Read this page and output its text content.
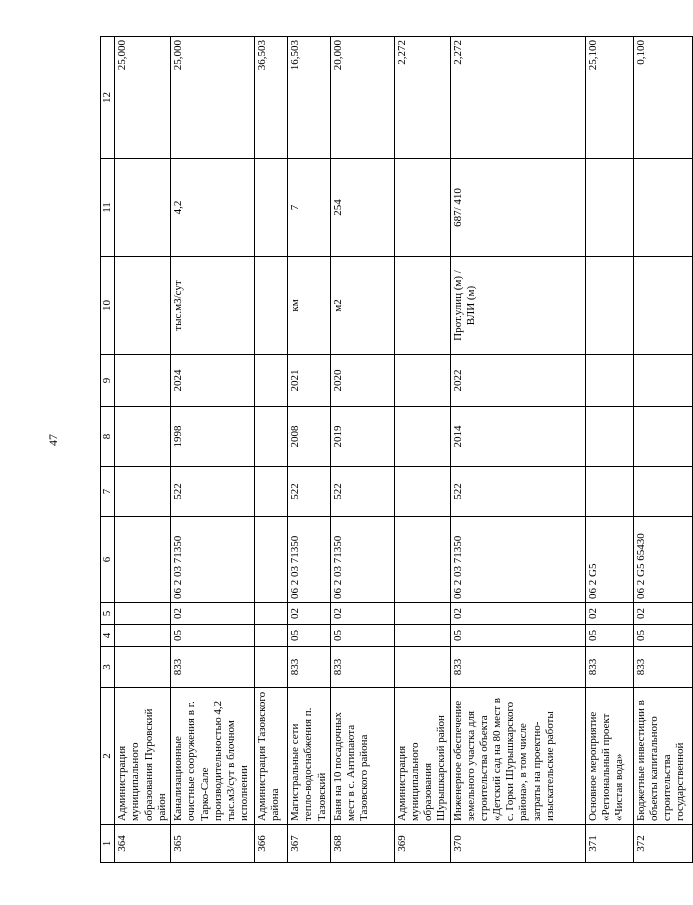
47
1	2	3	4	5	6	7	8	9	10	11	12
364	Администрация муниципального образования Пуровский район										25,000
365	Канализационные очистные сооружения в г. Тарко-Сале производительностью 4,2 тыс.м3/сут в блочном исполнении	833	05	02	06 2 03 71350	522	1998	2024	тыс.м3/сут	4,2	25,000
366	Администрация Тазовского района										36,503
367	Магистральные сети тепло-водоснабжения п. Тазовский	833	05	02	06 2 03 71350	522	2008	2021	км	7	16,503
368	Баня на 10 посадочных мест в с. Антипаюта Тазовского района	833	05	02	06 2 03 71350	522	2019	2020	м2	254	20,000
369	Администрация муниципального образования Шурышкарский район										2,272
370	Инженерное обеспечение земельного участка для строительства объекта «Детский сад на 80 мест в с. Горки Шурышкарского района», в том числе затраты на проектно-изыскательские работы	833	05	02	06 2 03 71350	522	2014	2022	Прот.улиц (м) /ВЛИ (м)	687/ 410	2,272
371	Основное мероприятие «Региональный проект «Чистая вода»	833	05	02	06 2 G5						25,100
372	Бюджетные инвестиции в объекты капитального строительства государственной	833	05	02	06 2 G5 65430						0,100
